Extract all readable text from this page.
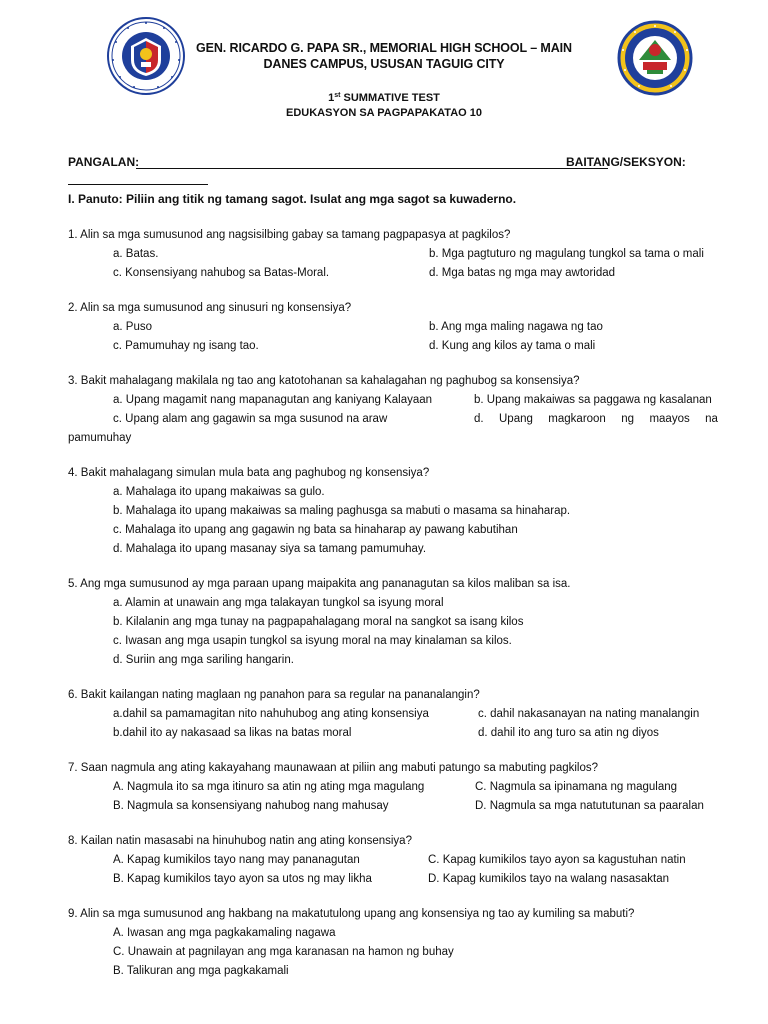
GEN. RICARDO G. PAPA SR., MEMORIAL HIGH SCHOOL – MAIN
DANES CAMPUS, USUSAN TAGUIG CITY
1st SUMMATIVE TEST
EDUKASYON SA PAGPAPAKATAO 10
PANGALAN:	BAITANG/SEKSYON:
I. Panuto: Piliin ang titik ng tamang sagot. Isulat ang mga sagot sa kuwaderno.
1. Alin sa mga sumusunod ang nagsisilbing gabay sa tamang pagpapasya at pagkilos?
a. Batas.	b. Mga pagtuturo ng magulang tungkol sa tama o mali
c. Konsensiyang nahubog sa Batas-Moral.	d. Mga batas ng mga may awtoridad
2. Alin sa mga sumusunod ang sinusuri ng konsensiya?
a. Puso	b. Ang mga maling nagawa ng tao
c. Pamumuhay ng isang tao.	d. Kung ang kilos ay tama o mali
3. Bakit mahalagang makilala ng tao ang katotohanan sa kahalagahan ng paghubog sa konsensiya?
a. Upang magamit nang mapanagutan ang kaniyang Kalayaan	b. Upang makaiwas sa paggawa ng kasalanan
c. Upang alam ang gagawin sa mga susunod na araw	d. Upang magkaroon ng maayos na
pamumuhay
4. Bakit mahalagang simulan mula bata ang paghubog ng konsensiya?
a. Mahalaga ito upang makaiwas sa gulo.
b. Mahalaga ito upang makaiwas sa maling paghusga sa mabuti o masama sa hinaharap.
c. Mahalaga ito upang ang gagawin ng bata sa hinaharap ay pawang kabutihan
d. Mahalaga ito upang masanay siya sa tamang pamumuhay.
5. Ang mga sumusunod ay mga paraan upang maipakita ang pananagutan sa kilos maliban sa isa.
a. Alamin at unawain ang mga talakayan tungkol sa isyung moral
b. Kilalanin ang mga tunay na pagpapahalagang moral na sangkot sa isang kilos
c. Iwasan ang mga usapin tungkol sa isyung moral na may kinalaman sa kilos.
d. Suriin ang mga sariling hangarin.
6. Bakit kailangan nating maglaan ng panahon para sa regular na pananalangin?
a.dahil sa pamamagitan nito nahuhubog ang ating konsensiya	c. dahil nakasanayan na nating manalangin
b.dahil ito ay nakasaad sa likas na batas moral	d. dahil ito ang turo sa atin ng diyos
7. Saan nagmula ang ating kakayahang maunawaan at piliin ang mabuti patungo sa mabuting pagkilos?
A. Nagmula ito sa mga itinuro sa atin ng ating mga magulang	C. Nagmula sa ipinamana ng magulang
B. Nagmula sa konsensiyang nahubog nang mahusay	D. Nagmula sa mga natututunan sa paaralan
8. Kailan natin masasabi na hinuhubog natin ang ating konsensiya?
A. Kapag kumikilos tayo nang may pananagutan	C. Kapag kumikilos tayo ayon sa kagustuhan natin
B. Kapag kumikilos tayo ayon sa utos ng may likha	D. Kapag kumikilos tayo na walang nasasaktan
9. Alin sa mga sumusunod ang hakbang na makatutulong upang ang konsensiya ng tao ay kumiling sa mabuti?
A. Iwasan ang mga pagkakamaling nagawa
C. Unawain at pagnilayan ang mga karanasan na hamon ng buhay
B. Talikuran ang mga pagkakamali
